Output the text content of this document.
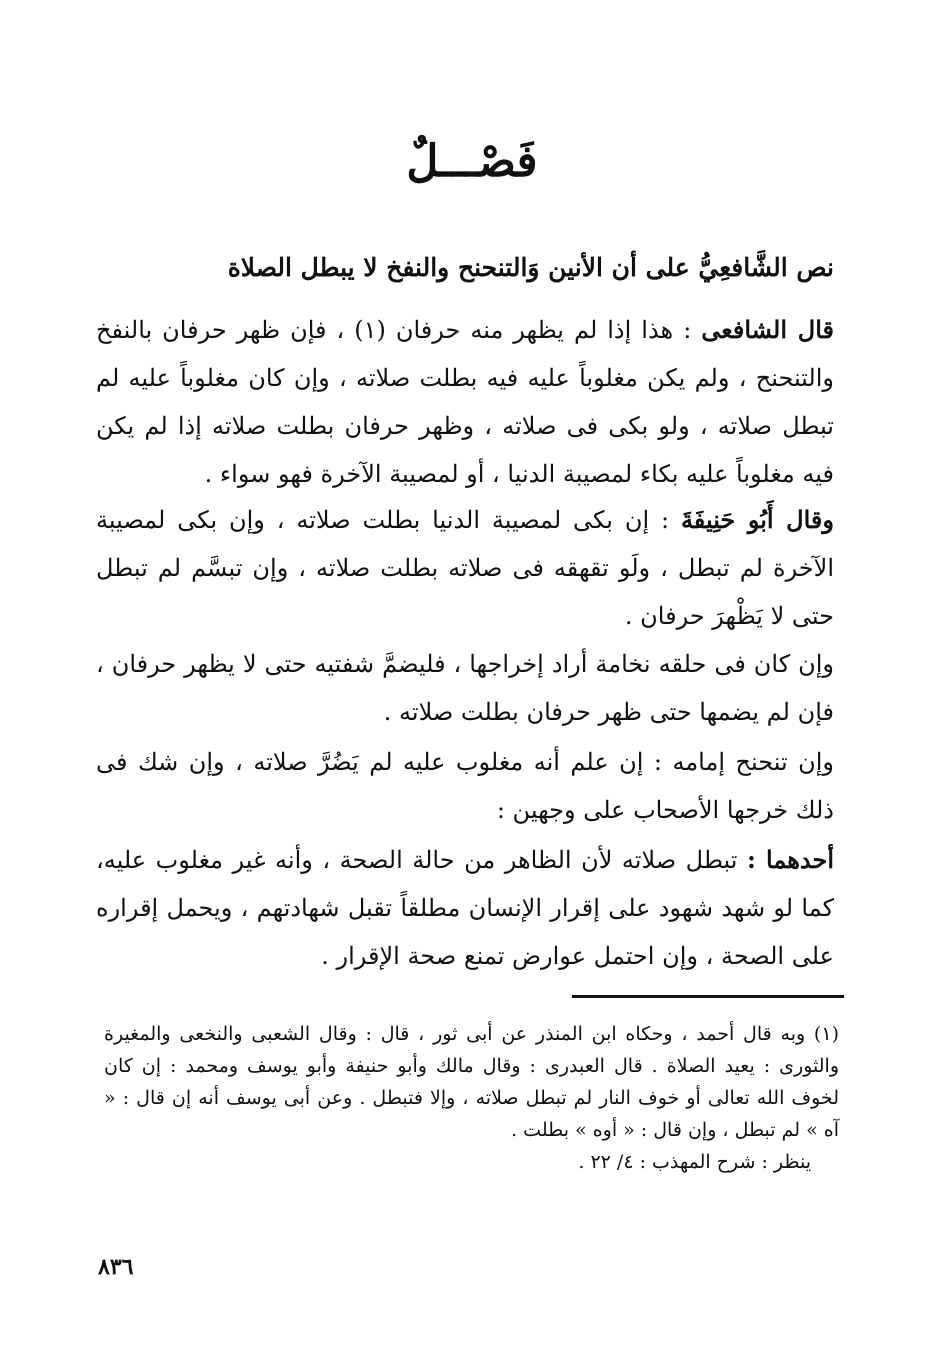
فَصْـــلٌ
نص الشَّافعِيُّ على أن الأنين وَالتنحنح والنفخ لا يبطل الصلاة
قال الشافعى : هذا إذا لم يظهر منه حرفان (١) ، فإن ظهر حرفان بالنفخ والتنحنح ، ولم يكن مغلوباً عليه فيه بطلت صلاته ، وإن كان مغلوباً عليه لم تبطل صلاته ، ولو بكى فى صلاته ، وظهر حرفان بطلت صلاته إذا لم يكن فيه مغلوباً عليه بكاء لمصيبة الدنيا ، أو لمصيبة الآخرة فهو سواء .
وقال أَبُو حَنِيفَةَ : إن بكى لمصيبة الدنيا بطلت صلاته ، وإن بكى لمصيبة الآخرة لم تبطل ، ولَو تقهقه فى صلاته بطلت صلاته ، وإن تبسَّم لم تبطل حتى لا يَظْهرَ حرفان .
وإن كان فى حلقه نخامة أراد إخراجها ، فليضمَّ شفتيه حتى لا يظهر حرفان ، فإن لم يضمها حتى ظهر حرفان بطلت صلاته .
وإن تنحنح إمامه : إن علم أنه مغلوب عليه لم يَضُرَّ صلاته ، وإن شك فى ذلك خرجها الأصحاب على وجهين :
أحدهما : تبطل صلاته لأن الظاهر من حالة الصحة ، وأنه غير مغلوب عليه، كما لو شهد شهود على إقرار الإنسان مطلقاً تقبل شهادتهم ، ويحمل إقراره على الصحة ، وإن احتمل عوارض تمنع صحة الإقرار .
(١) وبه قال أحمد ، وحكاه ابن المنذر عن أبى ثور ، قال : وقال الشعبى والنخعى والمغيرة والثورى : يعيد الصلاة . قال العبدرى : وقال مالك وأبو حنيفة وأبو يوسف ومحمد : إن كان لخوف الله تعالى أو خوف النار لم تبطل صلاته ، وإلا فتبطل . وعن أبى يوسف أنه إن قال : « آه » لم تبطل ، وإن قال : « أوه » بطلت .
ينظر : شرح المهذب : ٤/ ٢٢ .
٨٣٦
